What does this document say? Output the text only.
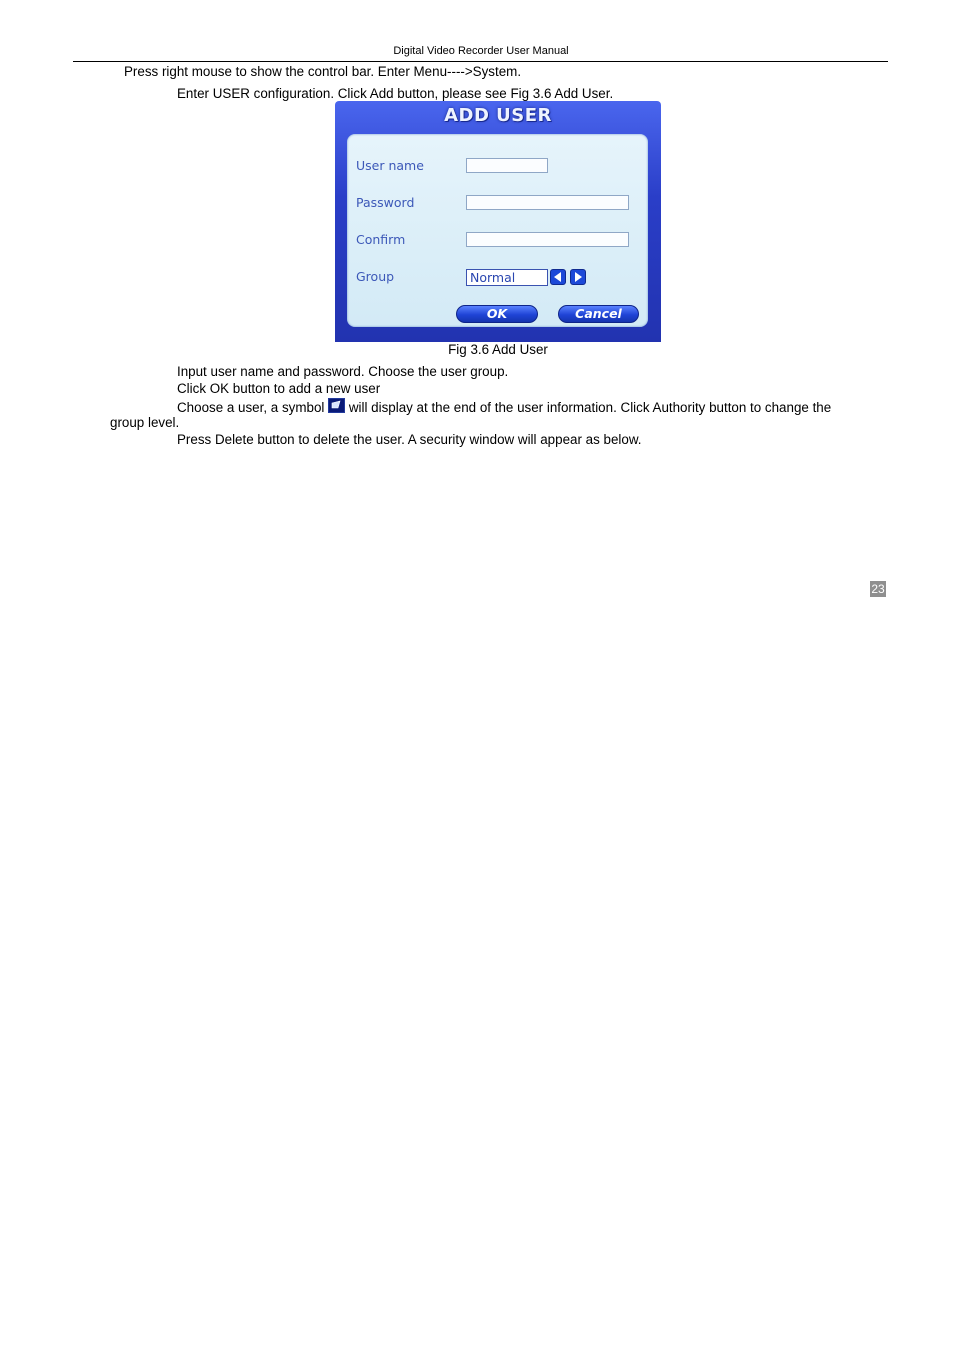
Digital Video Recorder User Manual
Press right mouse to show the control bar. Enter Menu---->System.
Enter USER configuration. Click Add button, please see Fig 3.6 Add User.
ADD USER
User name
Password
Confirm
Group	Normal
OK	Cancel
Fig 3.6 Add User
Input user name and password. Choose the user group.
Click OK button to add a new user
Choose a user, a symbol will display at the end of the user information. Click Authority button to change the
group level.
Press Delete button to delete the user. A security window will appear as below.
23
